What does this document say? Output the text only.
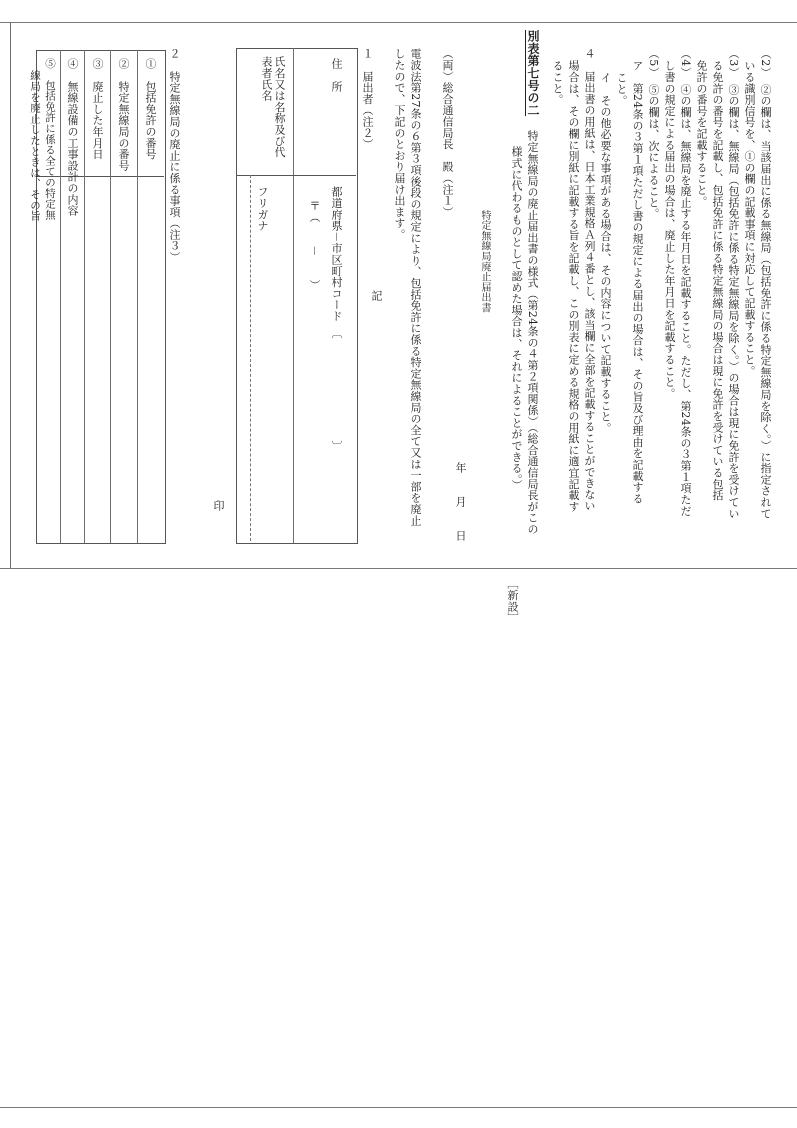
（2）　②の欄は、当該届出に係る無線局（包括免許に係る特定無線局を除く。）に指定されて
いる識別信号を、①の欄の記載事項に対応して記載すること。
（3）　③の欄は、無線局（包括免許に係る特定無線局を除く。）の場合は現に免許を受けてい
る免許の番号を記載し、包括免許に係る特定無線局の場合は現に免許を受けている包括
免許の番号を記載すること。
（4）　④の欄は、無線局を廃止する年月日を記載すること。ただし、第24条の３第１項ただ
し書の規定による届出の場合は、廃止した年月日を記載すること。
（5）　⑤の欄は、次によること。
ア　第24条の３第１項ただし書の規定による届出の場合は、その旨及び理由を記載する
こと。
イ　その他必要な事項がある場合は、その内容について記載すること。
４　届出書の用紙は、日本工業規格Ａ列４番とし、該当欄に全部を記載することができない
場合は、その欄に別紙に記載する旨を記載し、この別表に定める規格の用紙に適宜記載す
ること。
別表第七号の二
特定無線局の廃止届出書の様式（第24条の４第２項関係）（総合通信局長がこの
様式に代わるものとして認めた場合は、それによることができる。）
特定無線局廃止届出書
年　　月　　日
（両）総合通信局長　殿（注１）
電波法第27条の６第３項後段の規定により、包括免許に係る特定無線局の全て又は一部を廃止
したので、下記のとおり届け出ます。
記
１　届出者（注２）
住　所
都道府県－市区町村コード　〔　　　　　　　　　〕
〒（　　－　　）
氏名又は名称及び代表者氏名
フリガナ
印
２　特定無線局の廃止に係る事項（注３）
①　包括免許の番号
②　特定無線局の番号
③　廃止した年月日
④　無線設備の工事設計の内容
⑤　包括免許に係る全ての特定無
線局を廃止したときは、その旨
［新設］
